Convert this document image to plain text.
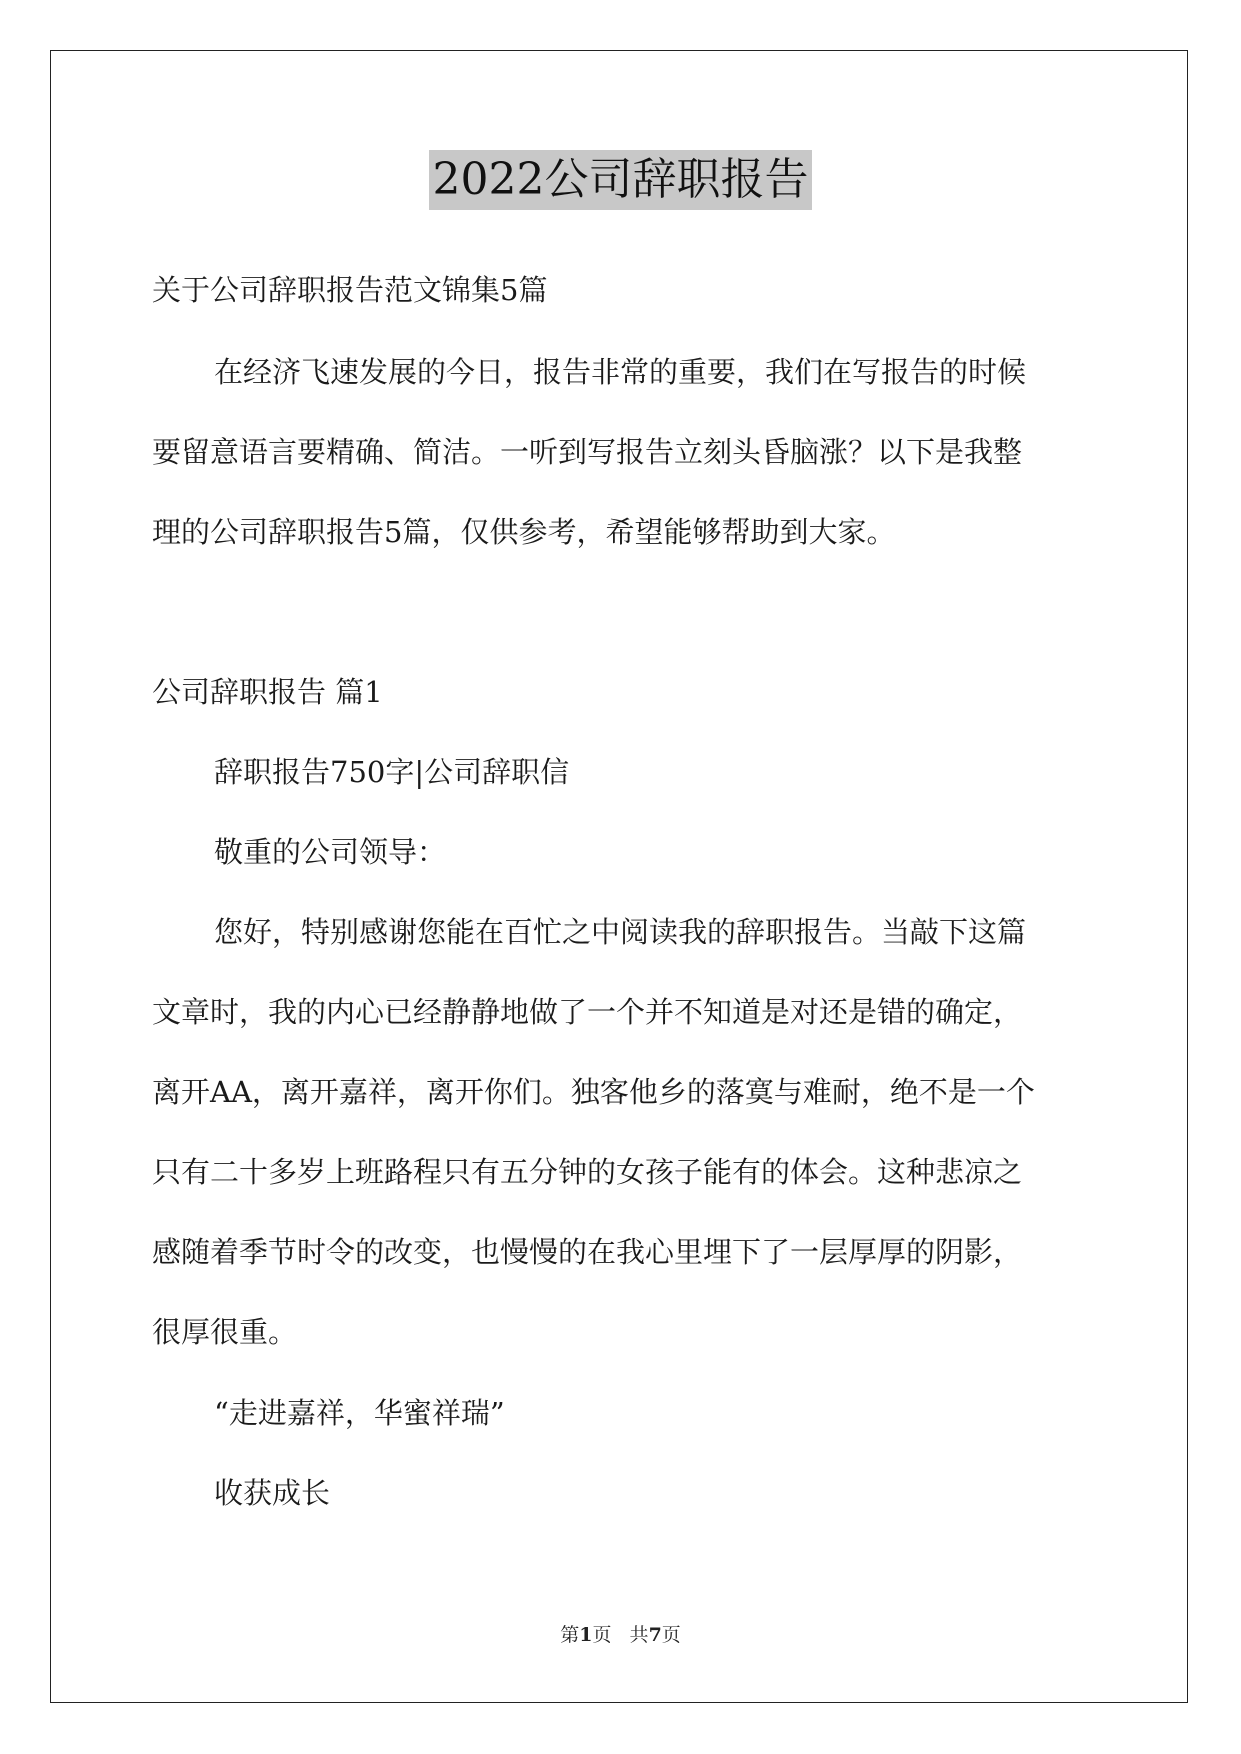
2022公司辞职报告
关于公司辞职报告范文锦集5篇
在经济飞速发展的今日，报告非常的重要，我们在写报告的时候
要留意语言要精确、简洁。一听到写报告立刻头昏脑涨？以下是我整
理的公司辞职报告5篇，仅供参考，希望能够帮助到大家。
公司辞职报告 篇1
辞职报告750字|公司辞职信
敬重的公司领导：
您好，特别感谢您能在百忙之中阅读我的辞职报告。当敲下这篇
文章时，我的内心已经静静地做了一个并不知道是对还是错的确定，
离开AA，离开嘉祥，离开你们。独客他乡的落寞与难耐，绝不是一个
只有二十多岁上班路程只有五分钟的女孩子能有的体会。这种悲凉之
感随着季节时令的改变，也慢慢的在我心里埋下了一层厚厚的阴影，
很厚很重。
“走进嘉祥，华蜜祥瑞”
收获成长
第1页   共7页
